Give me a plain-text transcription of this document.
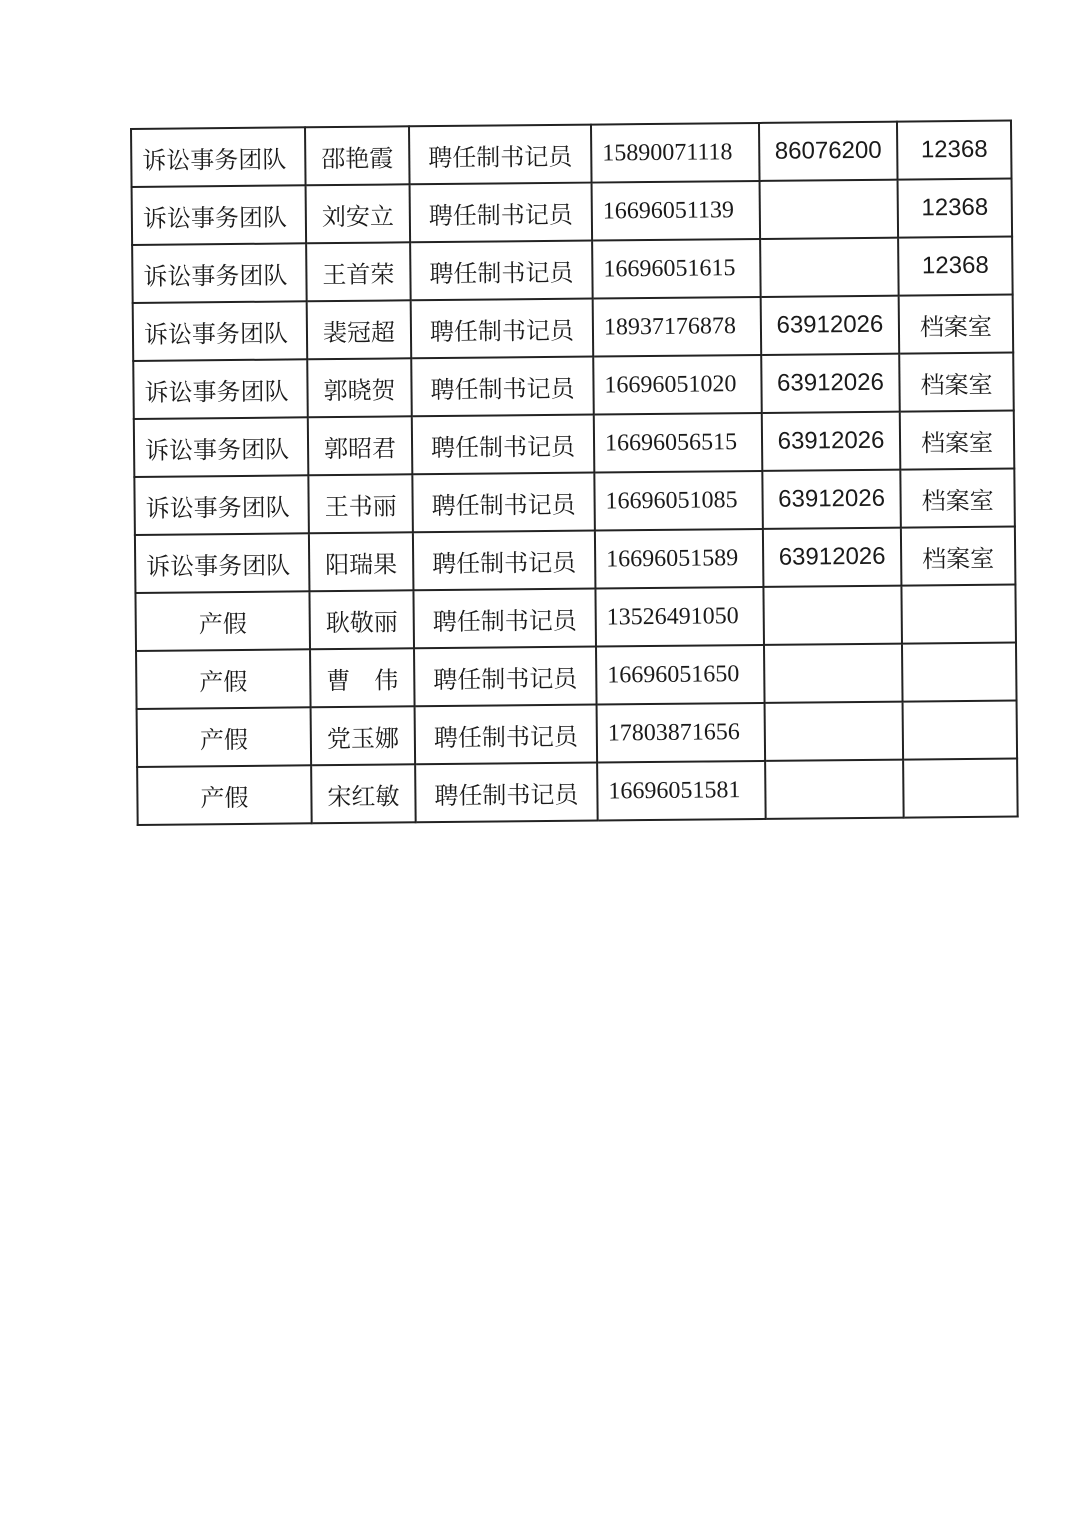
诉讼事务团队	邵艳霞	聘任制书记员	15890071118	86076200	12368
诉讼事务团队	刘安立	聘任制书记员	16696051139		12368
诉讼事务团队	王首荣	聘任制书记员	16696051615		12368
诉讼事务团队	裴冠超	聘任制书记员	18937176878	63912026	档案室
诉讼事务团队	郭晓贺	聘任制书记员	16696051020	63912026	档案室
诉讼事务团队	郭昭君	聘任制书记员	16696056515	63912026	档案室
诉讼事务团队	王书丽	聘任制书记员	16696051085	63912026	档案室
诉讼事务团队	阳瑞果	聘任制书记员	16696051589	63912026	档案室
产假	耿敬丽	聘任制书记员	13526491050		
产假	曹　伟	聘任制书记员	16696051650		
产假	党玉娜	聘任制书记员	17803871656		
产假	宋红敏	聘任制书记员	16696051581		
